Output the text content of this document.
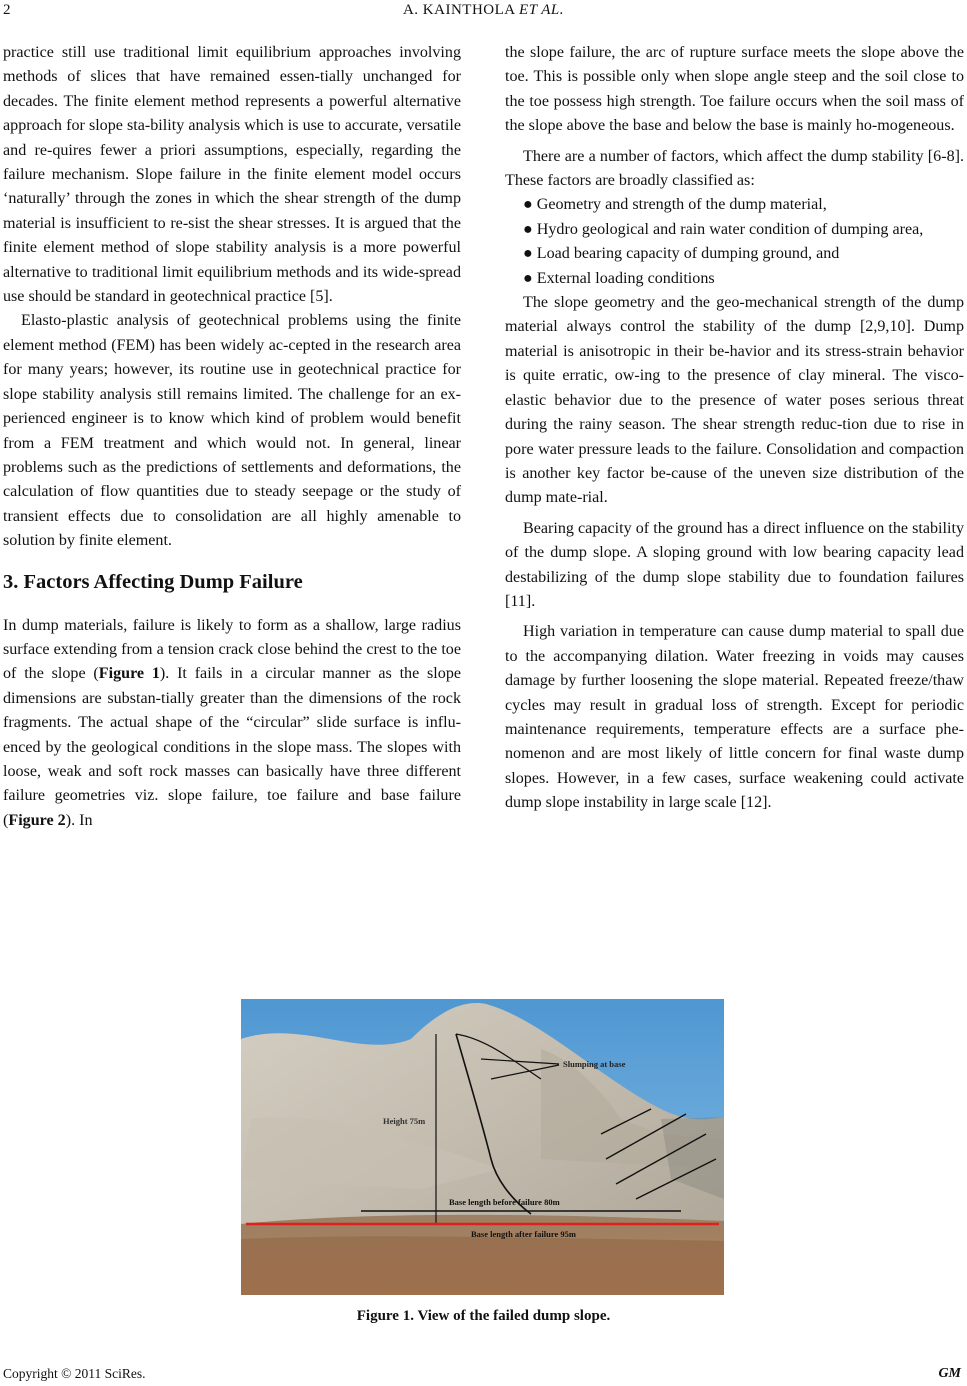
2	A. KAINTHOLA ET AL.

practice still use traditional limit equilibrium approaches involving methods of slices that have remained essen-tially unchanged for decades. The finite element method represents a powerful alternative approach for slope sta-bility analysis which is use to accurate, versatile and re-quires fewer a priori assumptions, especially, regarding the failure mechanism. Slope failure in the finite element model occurs ‘naturally’ through the zones in which the shear strength of the dump material is insufficient to re-sist the shear stresses. It is argued that the finite element method of slope stability analysis is a more powerful alternative to traditional limit equilibrium methods and its wide-spread use should be standard in geotechnical practice [5].

Elasto-plastic analysis of geotechnical problems using the finite element method (FEM) has been widely ac-cepted in the research area for many years; however, its routine use in geotechnical practice for slope stability analysis still remains limited. The challenge for an ex-perienced engineer is to know which kind of problem would benefit from a FEM treatment and which would not. In general, linear problems such as the predictions of settlements and deformations, the calculation of flow quantities due to steady seepage or the study of transient effects due to consolidation are all highly amenable to solution by finite element.

3. Factors Affecting Dump Failure

In dump materials, failure is likely to form as a shallow, large radius surface extending from a tension crack close behind the crest to the toe of the slope (Figure 1). It fails in a circular manner as the slope dimensions are substan-tially greater than the dimensions of the rock fragments. The actual shape of the “circular” slide surface is influ-enced by the geological conditions in the slope mass. The slopes with loose, weak and soft rock masses can basically have three different failure geometries viz. slope failure, toe failure and base failure (Figure 2). In

the slope failure, the arc of rupture surface meets the slope above the toe. This is possible only when slope angle steep and the soil close to the toe possess high strength. Toe failure occurs when the soil mass of the slope above the base and below the base is mainly ho-mogeneous.

There are a number of factors, which affect the dump stability [6-8]. These factors are broadly classified as:

● Geometry and strength of the dump material,

● Hydro geological and rain water condition of dumping area,

● Load bearing capacity of dumping ground, and

● External loading conditions

The slope geometry and the geo-mechanical strength of the dump material always control the stability of the dump [2,9,10]. Dump material is anisotropic in their be-havior and its stress-strain behavior is quite erratic, ow-ing to the presence of clay mineral. The visco-elastic behavior due to the presence of water poses serious threat during the rainy season. The shear strength reduc-tion due to rise in pore water pressure leads to the failure. Consolidation and compaction is another key factor be-cause of the uneven size distribution of the dump mate-rial.

Bearing capacity of the ground has a direct influence on the stability of the dump slope. A sloping ground with low bearing capacity lead destabilizing of the dump slope stability due to foundation failures [11].

High variation in temperature can cause dump material to spall due to the accompanying dilation. Water freezing in voids may causes damage by further loosening the slope material. Repeated freeze/thaw cycles may result in gradual loss of strength. Except for periodic maintenance requirements, temperature effects are a surface phe-nomenon and are most likely of little concern for final waste dump slopes. However, in a few cases, surface weakening could activate dump slope instability in large scale [12].

Slumping at base
Height 75m
Base length before failure 80m
Base length after failure 95m
Figure 1. View of the failed dump slope.
Copyright © 2011 SciRes.	GM
